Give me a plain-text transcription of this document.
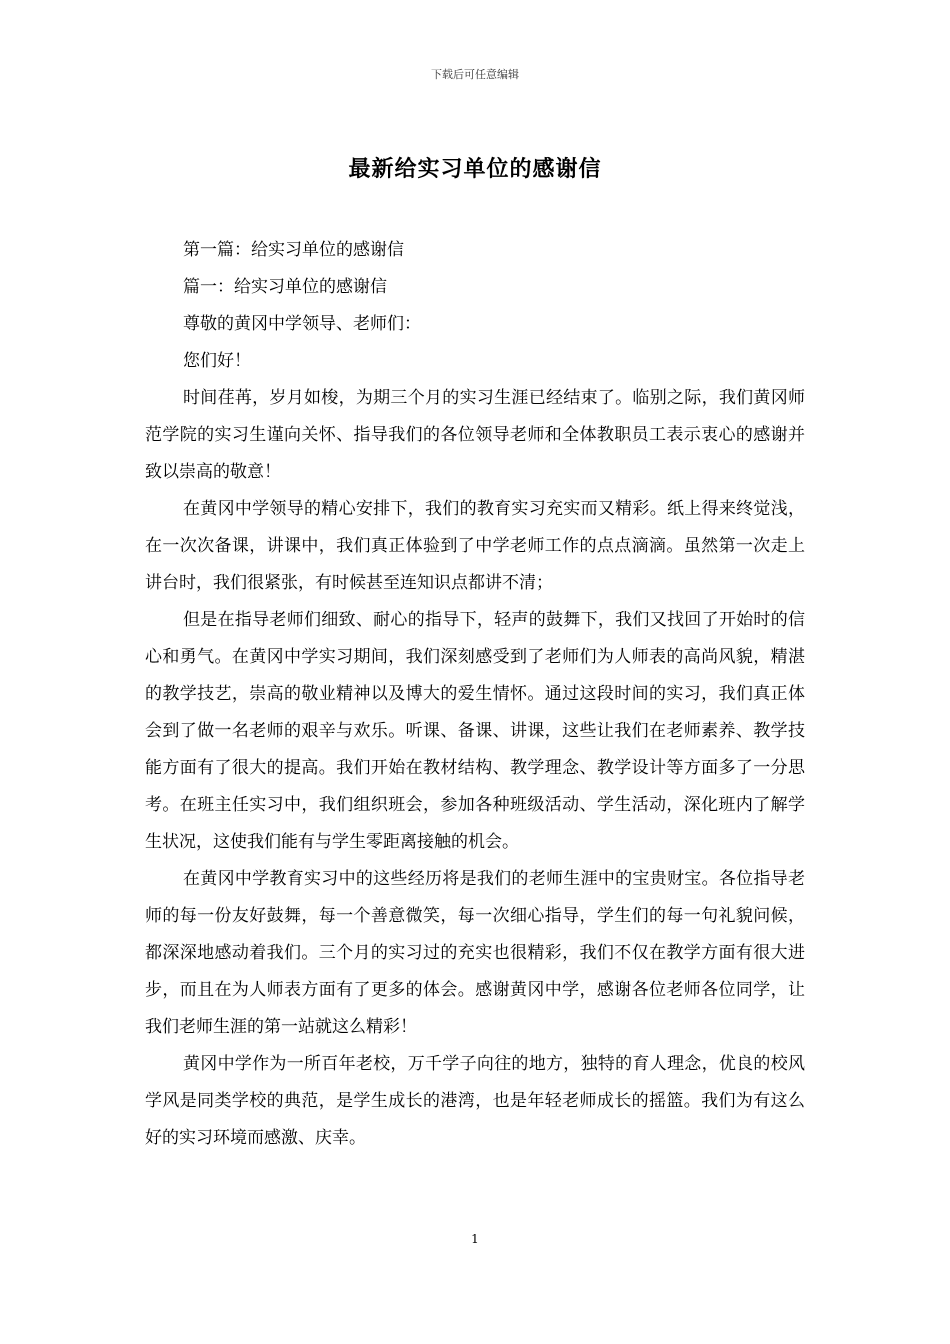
下载后可任意编辑
最新给实习单位的感谢信

第一篇：给实习单位的感谢信

篇一：给实习单位的感谢信

尊敬的黄冈中学领导、老师们：

您们好！

时间荏苒，岁月如梭，为期三个月的实习生涯已经结束了。临别之际，我们黄冈师范学院的实习生谨向关怀、指导我们的各位领导老师和全体教职员工表示衷心的感谢并致以崇高的敬意！

在黄冈中学领导的精心安排下，我们的教育实习充实而又精彩。纸上得来终觉浅，在一次次备课，讲课中，我们真正体验到了中学老师工作的点点滴滴。虽然第一次走上讲台时，我们很紧张，有时候甚至连知识点都讲不清；

但是在指导老师们细致、耐心的指导下，轻声的鼓舞下，我们又找回了开始时的信心和勇气。在黄冈中学实习期间，我们深刻感受到了老师们为人师表的高尚风貌，精湛的教学技艺，崇高的敬业精神以及博大的爱生情怀。通过这段时间的实习，我们真正体会到了做一名老师的艰辛与欢乐。听课、备课、讲课，这些让我们在老师素养、教学技能方面有了很大的提高。我们开始在教材结构、教学理念、教学设计等方面多了一分思考。在班主任实习中，我们组织班会，参加各种班级活动、学生活动，深化班内了解学生状况，这使我们能有与学生零距离接触的机会。

在黄冈中学教育实习中的这些经历将是我们的老师生涯中的宝贵财宝。各位指导老师的每一份友好鼓舞，每一个善意微笑，每一次细心指导，学生们的每一句礼貌问候，都深深地感动着我们。三个月的实习过的充实也很精彩，我们不仅在教学方面有很大进步，而且在为人师表方面有了更多的体会。感谢黄冈中学，感谢各位老师各位同学，让我们老师生涯的第一站就这么精彩！

黄冈中学作为一所百年老校，万千学子向往的地方，独特的育人理念，优良的校风学风是同类学校的典范，是学生成长的港湾，也是年轻老师成长的摇篮。我们为有这么好的实习环境而感激、庆幸。

1
